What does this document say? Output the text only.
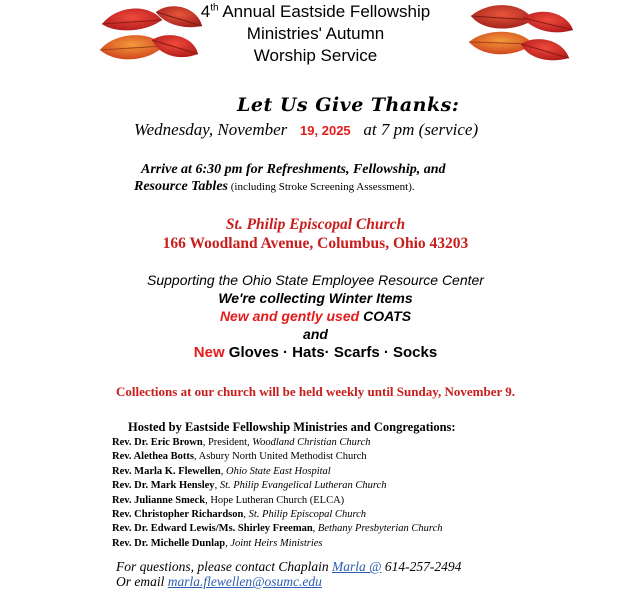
4th Annual Eastside Fellowship
Ministries' Autumn
Worship Service
Let Us Give Thanks:
Wednesday, November 19, 2025 at 7 pm (service)
Arrive at 6:30 pm for Refreshments, Fellowship, and
Resource Tables (including Stroke Screening Assessment).
St. Philip Episcopal Church
166 Woodland Avenue, Columbus, Ohio 43203
Supporting the Ohio State Employee Resource Center
We're collecting Winter Items
New and gently used COATS
and
New Gloves · Hats· Scarfs · Socks
Collections at our church will be held weekly until Sunday, November 9.
Hosted by Eastside Fellowship Ministries and Congregations:
Rev. Dr. Eric Brown, President, Woodland Christian Church
Rev. Alethea Botts, Asbury North United Methodist Church
Rev. Marla K. Flewellen, Ohio State East Hospital
Rev. Dr. Mark Hensley, St. Philip Evangelical Lutheran Church
Rev. Julianne Smeck, Hope Lutheran Church (ELCA)
Rev. Christopher Richardson, St. Philip Episcopal Church
Rev. Dr. Edward Lewis/Ms. Shirley Freeman, Bethany Presbyterian Church
Rev. Dr. Michelle Dunlap, Joint Heirs Ministries
For questions, please contact Chaplain Marla @ 614-257-2494
Or email marla.flewellen@osumc.edu
